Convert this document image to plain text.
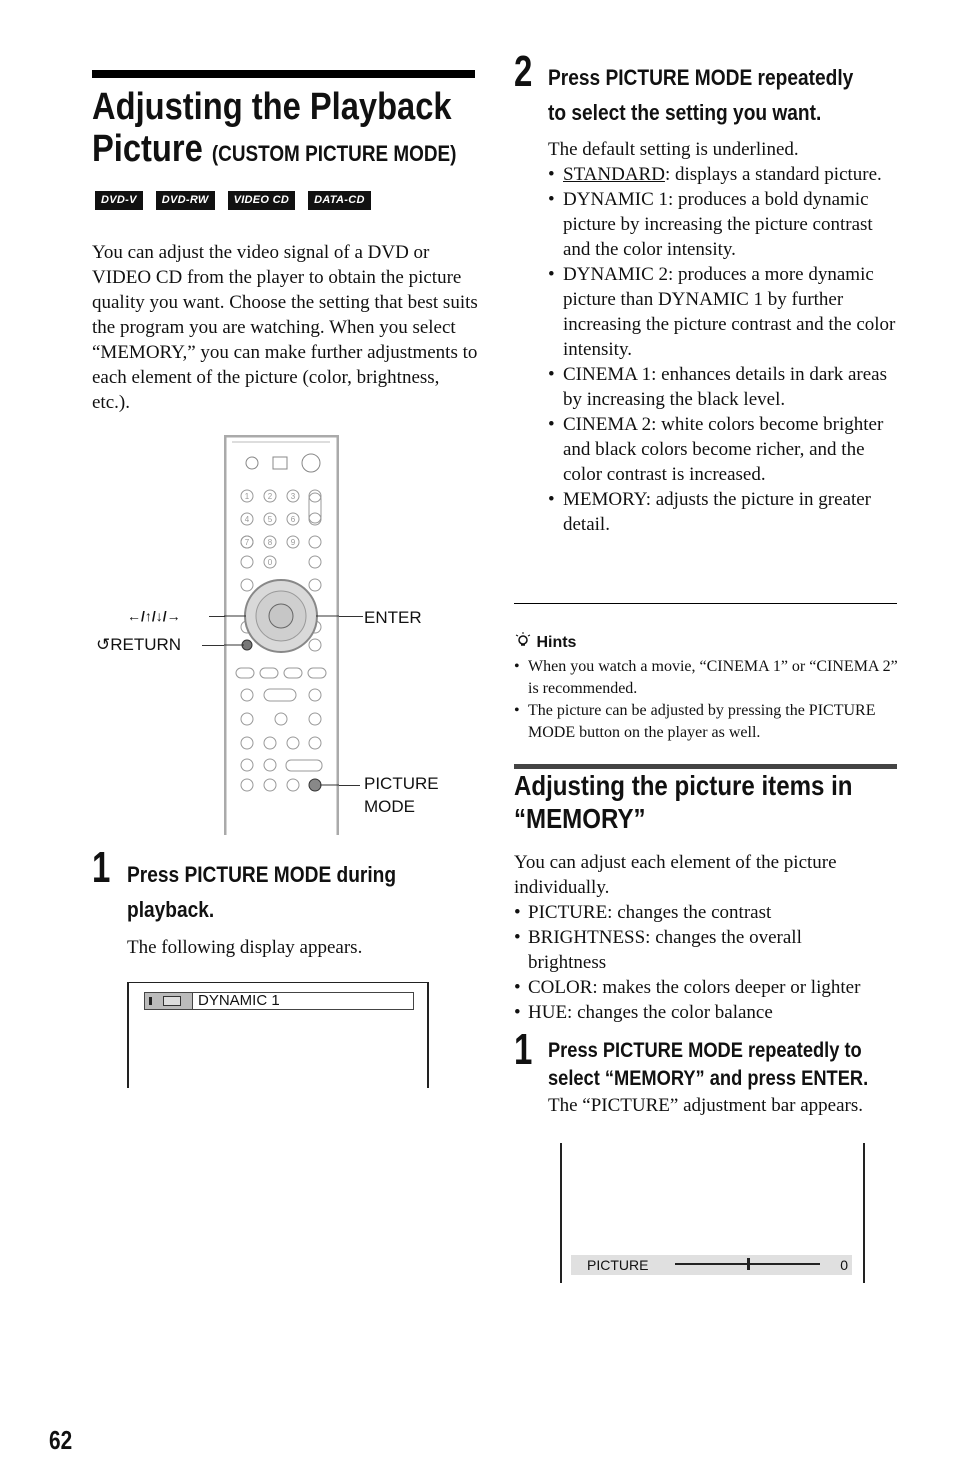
Adjusting the Playback
Picture (CUSTOM PICTURE MODE)
DVD-V	DVD-RW	VIDEO CD	DATA-CD
You can adjust the video signal of a DVD or VIDEO CD from the player to obtain the picture quality you want. Choose the setting that best suits the program you are watching. When you select “MEMORY,” you can make further adjustments to each element of the picture (color, brightness, etc.).
1 2 3
4 5 6
7 8 9
0
←/↑/↓/→
↺RETURN
ENTER
PICTURE
MODE
1 Press PICTURE MODE during
playback.
The following display appears.
DYNAMIC 1
2 Press PICTURE MODE repeatedly
to select the setting you want.
The default setting is underlined.
• STANDARD: displays a standard picture.
• DYNAMIC 1: produces a bold dynamic picture by increasing the picture contrast and the color intensity.
• DYNAMIC 2: produces a more dynamic picture than DYNAMIC 1 by further increasing the picture contrast and the color intensity.
• CINEMA 1: enhances details in dark areas by increasing the black level.
• CINEMA 2: white colors become brighter and black colors become richer, and the color contrast is increased.
• MEMORY: adjusts the picture in greater detail.
Hints
• When you watch a movie, “CINEMA 1” or “CINEMA 2” is recommended.
• The picture can be adjusted by pressing the PICTURE MODE button on the player as well.
Adjusting the picture items in
“MEMORY”
You can adjust each element of the picture individually.
• PICTURE: changes the contrast
• BRIGHTNESS: changes the overall brightness
• COLOR: makes the colors deeper or lighter
• HUE: changes the color balance
1 Press PICTURE MODE repeatedly to
select “MEMORY” and press ENTER.
The “PICTURE” adjustment bar appears.
PICTURE	0
62
